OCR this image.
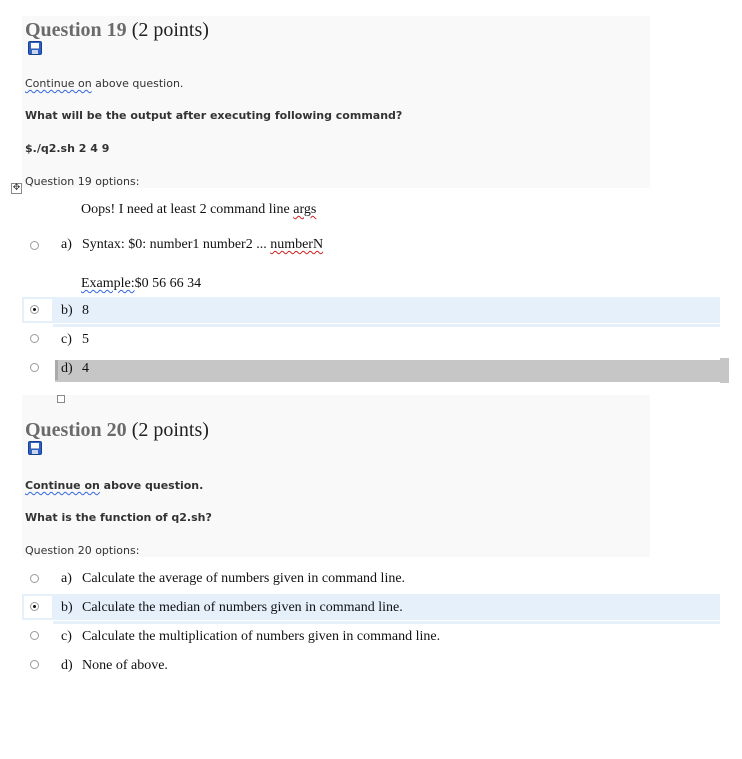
Question 19 (2 points)
Continue on above question.
What will be the output after executing following command?
$./q2.sh 2 4 9
Question 19 options:
✥
Oops! I need at least 2 command line args
a) Syntax: $0: number1 number2 ... numberN
Example:$0 56 66 34
b) 8
c) 5
d) 4
Question 20 (2 points)
Continue on above question.
What is the function of q2.sh?
Question 20 options:
a) Calculate the average of numbers given in command line.
b) Calculate the median of numbers given in command line.
c) Calculate the multiplication of numbers given in command line.
d) None of above.
